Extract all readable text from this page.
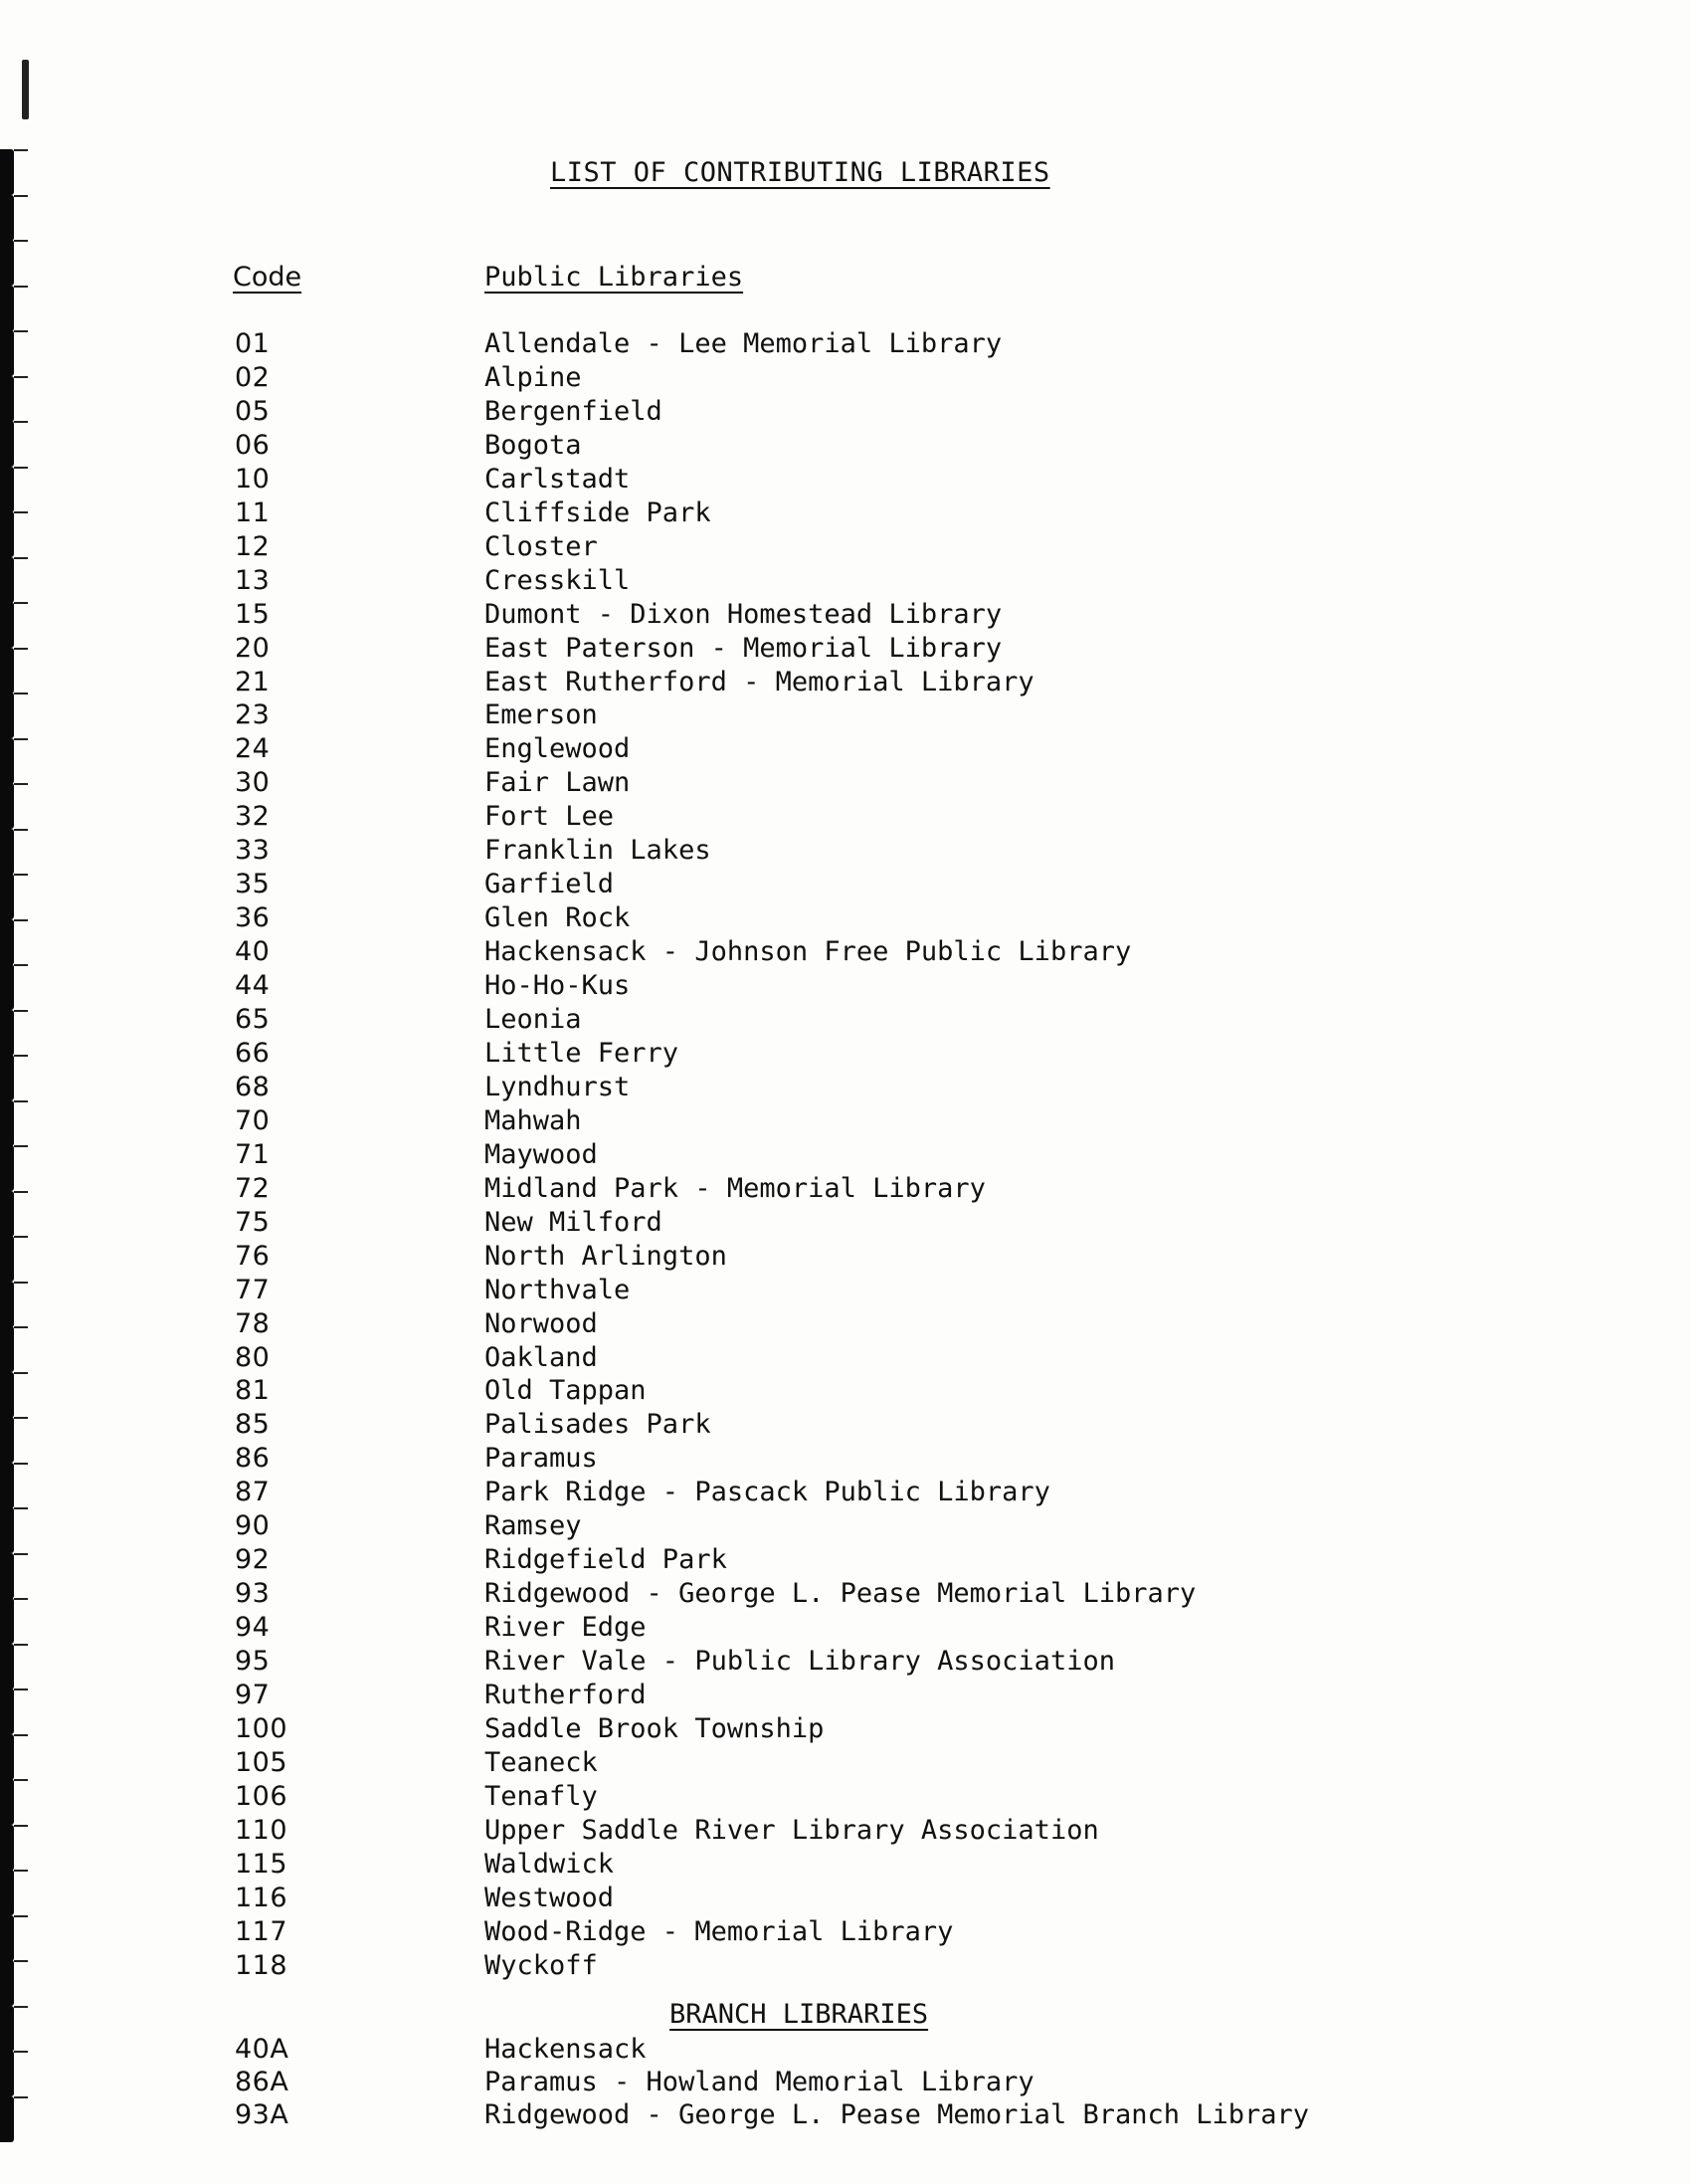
LIST OF CONTRIBUTING LIBRARIES
Code	Public Libraries
01	Allendale - Lee Memorial Library
02	Alpine
05	Bergenfield
06	Bogota
10	Carlstadt
11	Cliffside Park
12	Closter
13	Cresskill
15	Dumont - Dixon Homestead Library
20	East Paterson - Memorial Library
21	East Rutherford - Memorial Library
23	Emerson
24	Englewood
30	Fair Lawn
32	Fort Lee
33	Franklin Lakes
35	Garfield
36	Glen Rock
40	Hackensack - Johnson Free Public Library
44	Ho-Ho-Kus
65	Leonia
66	Little Ferry
68	Lyndhurst
70	Mahwah
71	Maywood
72	Midland Park - Memorial Library
75	New Milford
76	North Arlington
77	Northvale
78	Norwood
80	Oakland
81	Old Tappan
85	Palisades Park
86	Paramus
87	Park Ridge - Pascack Public Library
90	Ramsey
92	Ridgefield Park
93	Ridgewood - George L. Pease Memorial Library
94	River Edge
95	River Vale - Public Library Association
97	Rutherford
100	Saddle Brook Township
105	Teaneck
106	Tenafly
110	Upper Saddle River Library Association
115	Waldwick
116	Westwood
117	Wood-Ridge - Memorial Library
118	Wyckoff
BRANCH LIBRARIES
40A	Hackensack
86A	Paramus - Howland Memorial Library
93A	Ridgewood - George L. Pease Memorial Branch Library
